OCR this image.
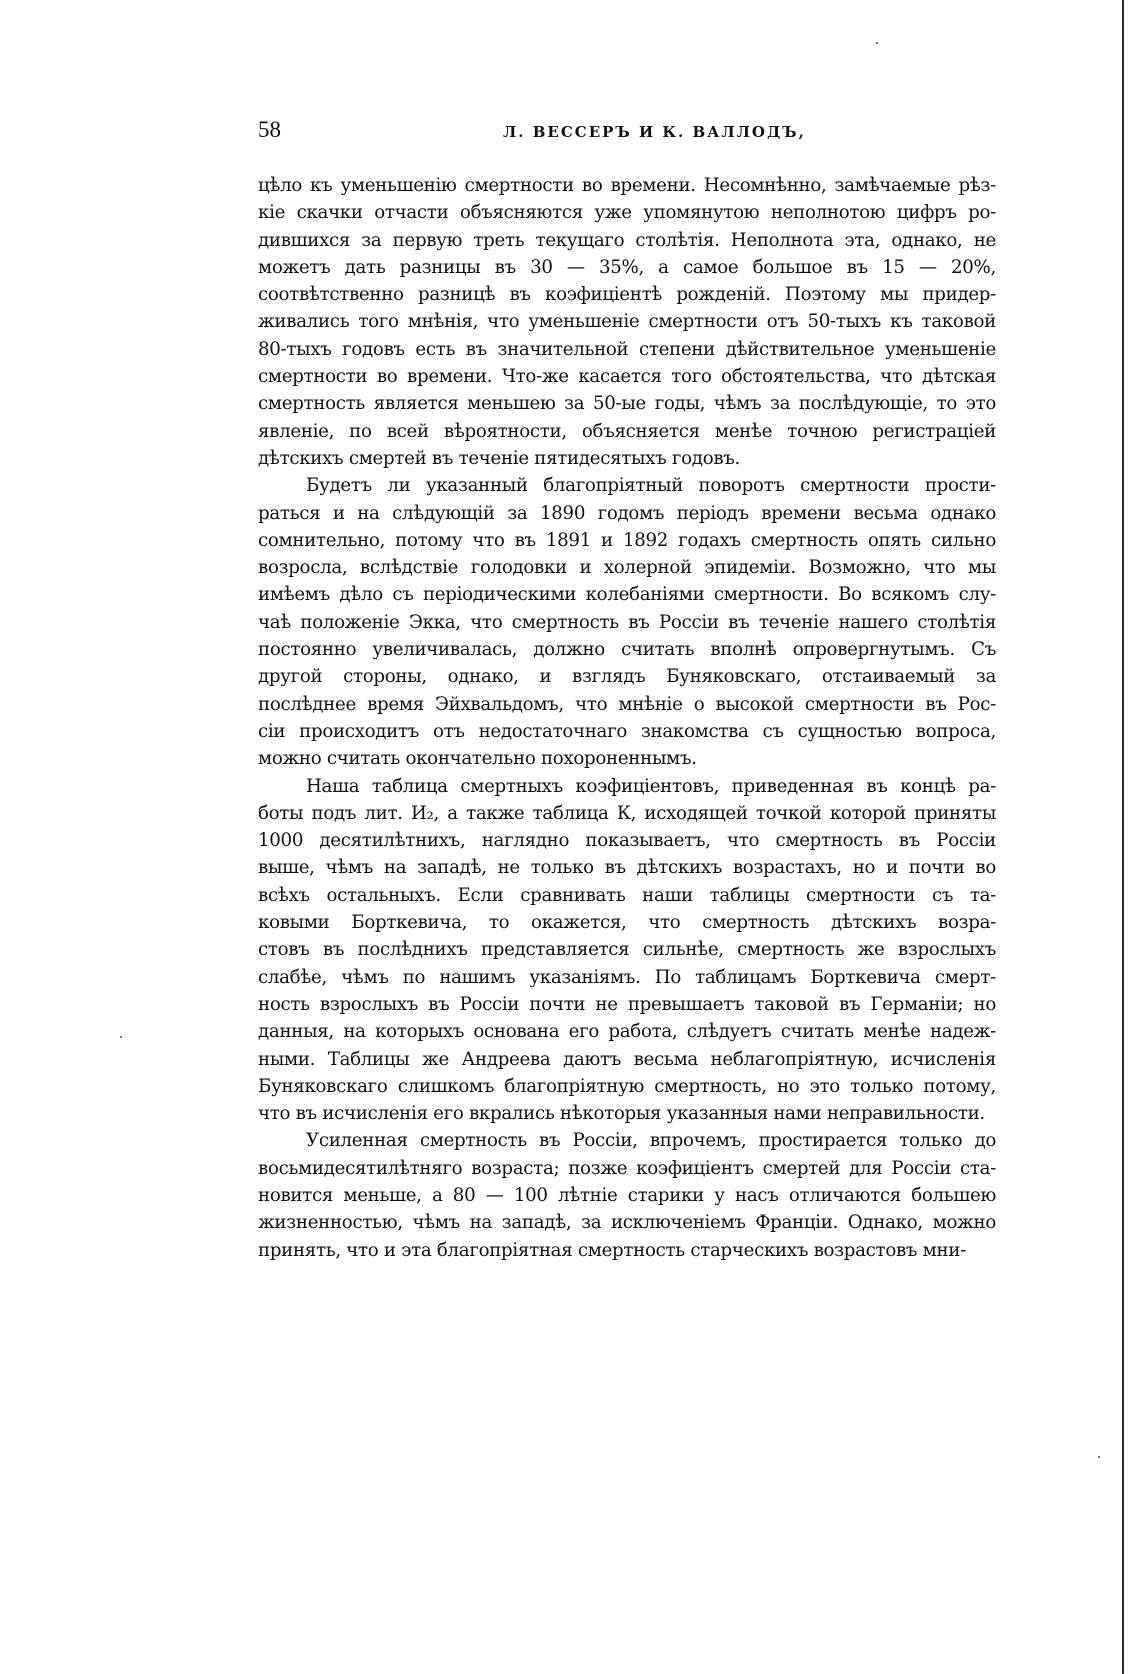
58	Л. ВЕССЕРЪ И К. ВАЛЛОДЪ,
цѣло къ уменьшенію смертности во времени. Несомнѣнно, замѣчаемые рѣз-
кіе скачки отчасти объясняются уже упомянутою неполнотою цифръ ро-
дившихся за первую треть текущаго столѣтія. Неполнота эта, однако, не
можетъ дать разницы въ 30 — 35%, а самое большое въ 15 — 20%,
соотвѣтственно разницѣ въ коэфиціентѣ рожденій. Поэтому мы придер-
живались того мнѣнія, что уменьшеніе смертности отъ 50-тыхъ къ таковой
80-тыхъ годовъ есть въ значительной степени дѣйствительное уменьшеніе
смертности во времени. Что-же касается того обстоятельства, что дѣтская
смертность является меньшею за 50-ые годы, чѣмъ за послѣдующіе, то это
явленіе, по всей вѣроятности, объясняется менѣе точною регистраціей
дѣтскихъ смертей въ теченіе пятидесятыхъ годовъ.
Будетъ ли указанный благопріятный поворотъ смертности прости-
раться и на слѣдующій за 1890 годомъ періодъ времени весьма однако
сомнительно, потому что въ 1891 и 1892 годахъ смертность опять сильно
возросла, вслѣдствіе голодовки и холерной эпидеміи. Возможно, что мы
имѣемъ дѣло съ періодическими колебаніями смертности. Во всякомъ слу-
чаѣ положеніе Экка, что смертность въ Россіи въ теченіе нашего столѣтія
постоянно увеличивалась, должно считать вполнѣ опровергнутымъ. Съ
другой стороны, однако, и взглядъ Буняковскаго, отстаиваемый за
послѣднее время Эйхвальдомъ, что мнѣніе о высокой смертности въ Рос-
сіи происходитъ отъ недостаточнаго знакомства съ сущностью вопроса,
можно считать окончательно похороненнымъ.
Наша таблица смертныхъ коэфиціентовъ, приведенная въ концѣ ра-
боты подъ лит. И₂, а также таблица К, исходящей точкой которой приняты
1000 десятилѣтнихъ, наглядно показываетъ, что смертность въ Россіи
выше, чѣмъ на западѣ, не только въ дѣтскихъ возрастахъ, но и почти во
всѣхъ остальныхъ. Если сравнивать наши таблицы смертности съ та-
ковыми Борткевича, то окажется, что смертность дѣтскихъ возра-
стовъ въ послѣднихъ представляется сильнѣе, смертность же взрослыхъ
слабѣе, чѣмъ по нашимъ указаніямъ. По таблицамъ Борткевича смерт-
ность взрослыхъ въ Россіи почти не превышаетъ таковой въ Германіи; но
данныя, на которыхъ основана его работа, слѣдуетъ считать менѣе надеж-
ными. Таблицы же Андреева даютъ весьма неблагопріятную, исчисленія
Буняковскаго слишкомъ благопріятную смертность, но это только потому,
что въ исчисленія его вкрались нѣкоторыя указанныя нами неправильности.
Усиленная смертность въ Россіи, впрочемъ, простирается только до
восьмидесятилѣтняго возраста; позже коэфиціентъ смертей для Россіи ста-
новится меньше, а 80 — 100 лѣтніе старики у насъ отличаются большею
жизненностью, чѣмъ на западѣ, за исключеніемъ Франціи. Однако, можно
принять, что и эта благопріятная смертность старческихъ возрастовъ мни-
